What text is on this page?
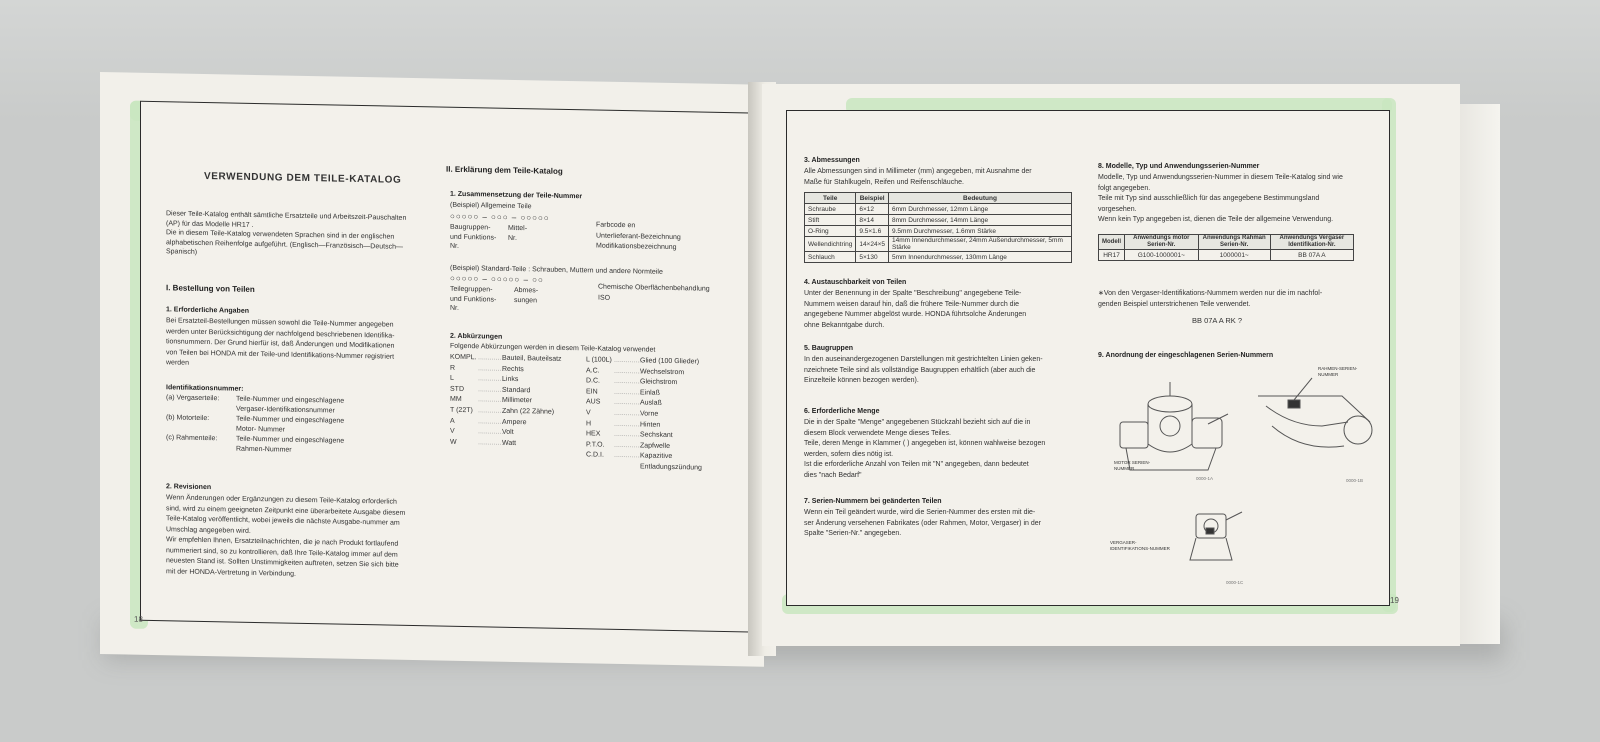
VERWENDUNG DEM TEILE-KATALOG
Dieser Teile-Katalog enthält sämtliche Ersatzteile und Arbeitszeit-Pauschalten
(AP) für das Modelle HR17 .
Die in diesem Teile-Katalog verwendeten Sprachen sind in der englischen
alphabetischen Reihenfolge aufgeführt. (Englisch—Französisch—Deutsch—
Spanisch)
I. Bestellung von Teilen
1. Erforderliche Angaben
Bei Ersatzteil-Bestellungen müssen sowohl die Teile-Nummer angegeben
werden unter Berücksichtigung der nachfolgend beschriebenen Identifika-
tionsnummern. Der Grund hierfür ist, daß Änderungen und Modifikationen
von Teilen bei HONDA mit der Teile-und Identifikations-Nummer registriert
werden
Identifikationsnummer:
(a) Vergaserteile: Teile-Nummer und eingeschlagene
Vergaser-Identifikationsnummer
(b) Motorteile:	Teile-Nummer und eingeschlagene
Motor- Nummer
(c) Rahmenteile:	Teile-Nummer und eingeschlagene
Rahmen-Nummer
2. Revisionen
Wenn Änderungen oder Ergänzungen zu diesem Teile-Katalog erforderlich
sind, wird zu einem geeigneten Zeitpunkt eine überarbeitete Ausgabe diesem
Teile-Katalog veröffentlicht, wobei jeweils die nächste Ausgabe-nummer am
Umschlag angegeben wird.
Wir empfehlen Ihnen, Ersatzteilnachrichten, die je nach Produkt fortlaufend
nummeriert sind, so zu kontrollieren, daß Ihre Teile-Katalog immer auf dem
neuesten Stand ist. Sollten Unstimmigkeiten auftreten, setzen Sie sich bitte
mit der HONDA-Vertretung in Verbindung.
II. Erklärung dem Teile-Katalog
1. Zusammensetzung der Teile-Nummer
(Beispiel) Allgemeine Teile
○○○○○ – ○○○ – ○○○○○
Baugruppen-
und Funktions-
Nr.
Mittel-
Nr.
Farbcode en
Unterlieferant-Bezeichnung
Modifikationsbezeichnung
(Beispiel) Standard-Teile : Schrauben, Muttern und andere Normteile
○○○○○ – ○○○○○ – ○○
Teilegruppen-
und Funktions-
Nr.
Abmes-
sungen
Chemische Oberflächenbehandlung
ISO
2. Abkürzungen
Folgende Abkürzungen werden in diesem Teile-Katalog verwendet
KOMPL. ..............
Bauteil, Bauteilsatz
R	..............
Rechts
L	..............
Links
STD ..............
Standard
MM ..............
Millimeter
T (22T) ..............
Zahn (22 Zähne)
A	..............
Ampere
V	..............
Volt
W	..............
Watt
L (100L) ..............
Glied (100 Glieder)
A.C. ..............
Wechselstrom
D.C. ..............
Gleichstrom
EIN ..............
Einlaß
AUS ..............
Auslaß
V	..............
Vorne
H	..............
Hinten
HEX ..............
Sechskant
P.T.O. ..............
Zapfwelle
C.D.I. ..............
Kapazitive
Entladungszündung
18
3. Abmessungen
Alle Abmessungen sind in Millimeter (mm) angegeben, mit Ausnahme der
Maße für Stahlkugeln, Reifen und Reifenschläuche.
Teile	Beispiel	Bedeutung
Schraube	6×12	6mm Durchmesser, 12mm Länge
Stift	8×14	8mm Durchmesser, 14mm Länge
O-Ring	9.5×1.6	9.5mm Durchmesser, 1.6mm Stärke
Wellendichtring	14×24×5	14mm Innendurchmesser, 24mm Außendurchmesser, 5mm Stärke
Schlauch	5×130	5mm Innendurchmesser, 130mm Länge
4. Austauschbarkeit von Teilen
Unter der Benennung in der Spalte "Beschreibung" angegebene Teile-
Nummern weisen darauf hin, daß die frühere Teile-Nummer durch die
angegebene Nummer abgelöst wurde. HONDA führtsolche Änderungen
ohne Bekanntgabe durch.
5. Baugruppen
In den auseinandergezogenen Darstellungen mit gestrichtelten Linien geken-
nzeichnete Teile sind als vollständige Baugruppen erhältlich (aber auch die
Einzelteile können bezogen werden).
6. Erforderliche Menge
Die in der Spalte "Menge" angegebenen Stückzahl bezieht sich auf die in
diesem Block verwendete Menge dieses Teiles.
Teile, deren Menge in Klammer ( ) angegeben ist, können wahlweise bezogen
werden, sofern dies nötig ist.
Ist die erforderliche Anzahl von Teilen mit "N" angegeben, dann bedeutet
dies "nach Bedarf"
7. Serien-Nummern bei geänderten Teilen
Wenn ein Teil geändert wurde, wird die Serien-Nummer des ersten mit die-
ser Änderung versehenen Fabrikates (oder Rahmen, Motor, Vergaser) in der
Spalte "Serien-Nr." angegeben.
8. Modelle, Typ und Anwendungsserien-Nummer
Modelle, Typ und Anwendungsserien-Nummer in diesem Teile-Katalog sind wie
folgt angegeben.
Teile mit Typ sind ausschließlich für das angegebene Bestimmungsland
vorgesehen.
Wenn kein Typ angegeben ist, dienen die Teile der allgemeine Verwendung.
Modell	Anwendungs motor Serien-Nr.	Anwendungs Rahman Serien-Nr.	Anwendungs Vergaser Identifikation-Nr.
HR17	G100-1000001~	1000001~	BB 07A A
∗Von den Vergaser-Identifikations-Nummern werden nur die im nachfol-
genden Beispiel unterstrichenen Teile verwendet.
BB 07A A RK ?
9. Anordnung der eingeschlagenen Serien-Nummern
MOTOR SERIEN-NUMMER
0000-1A
RAHMEN-SERIEN-NUMMER
0000-1B
VERGASER-IDENTIFIKATIONS-NUMMER
0000-1C
19
